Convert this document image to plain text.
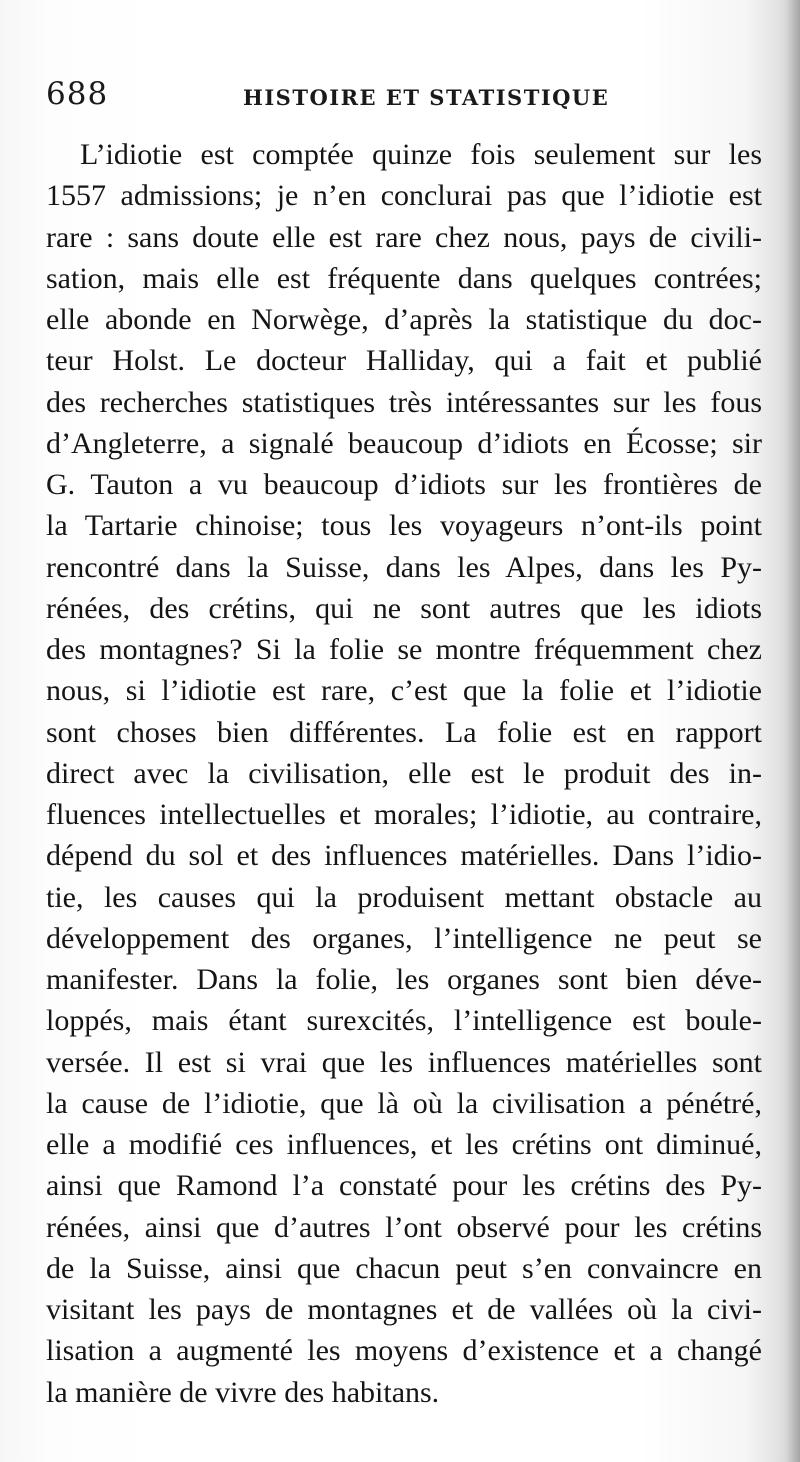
688	HISTOIRE ET STATISTIQUE
L’idiotie est comptée quinze fois seulement sur les
1557 admissions; je n’en conclurai pas que l’idiotie est
rare : sans doute elle est rare chez nous, pays de civili-
sation, mais elle est fréquente dans quelques contrées;
elle abonde en Norwège, d’après la statistique du doc-
teur Holst. Le docteur Halliday, qui a fait et publié
des recherches statistiques très intéressantes sur les fous
d’Angleterre, a signalé beaucoup d’idiots en Écosse; sir
G. Tauton a vu beaucoup d’idiots sur les frontières de
la Tartarie chinoise; tous les voyageurs n’ont-ils point
rencontré dans la Suisse, dans les Alpes, dans les Py-
rénées, des crétins, qui ne sont autres que les idiots
des montagnes? Si la folie se montre fréquemment chez
nous, si l’idiotie est rare, c’est que la folie et l’idiotie
sont choses bien différentes. La folie est en rapport
direct avec la civilisation, elle est le produit des in-
fluences intellectuelles et morales; l’idiotie, au contraire,
dépend du sol et des influences matérielles. Dans l’idio-
tie, les causes qui la produisent mettant obstacle au
développement des organes, l’intelligence ne peut se
manifester. Dans la folie, les organes sont bien déve-
loppés, mais étant surexcités, l’intelligence est boule-
versée. Il est si vrai que les influences matérielles sont
la cause de l’idiotie, que là où la civilisation a pénétré,
elle a modifié ces influences, et les crétins ont diminué,
ainsi que Ramond l’a constaté pour les crétins des Py-
rénées, ainsi que d’autres l’ont observé pour les crétins
de la Suisse, ainsi que chacun peut s’en convaincre en
visitant les pays de montagnes et de vallées où la civi-
lisation a augmenté les moyens d’existence et a changé
la manière de vivre des habitans.
